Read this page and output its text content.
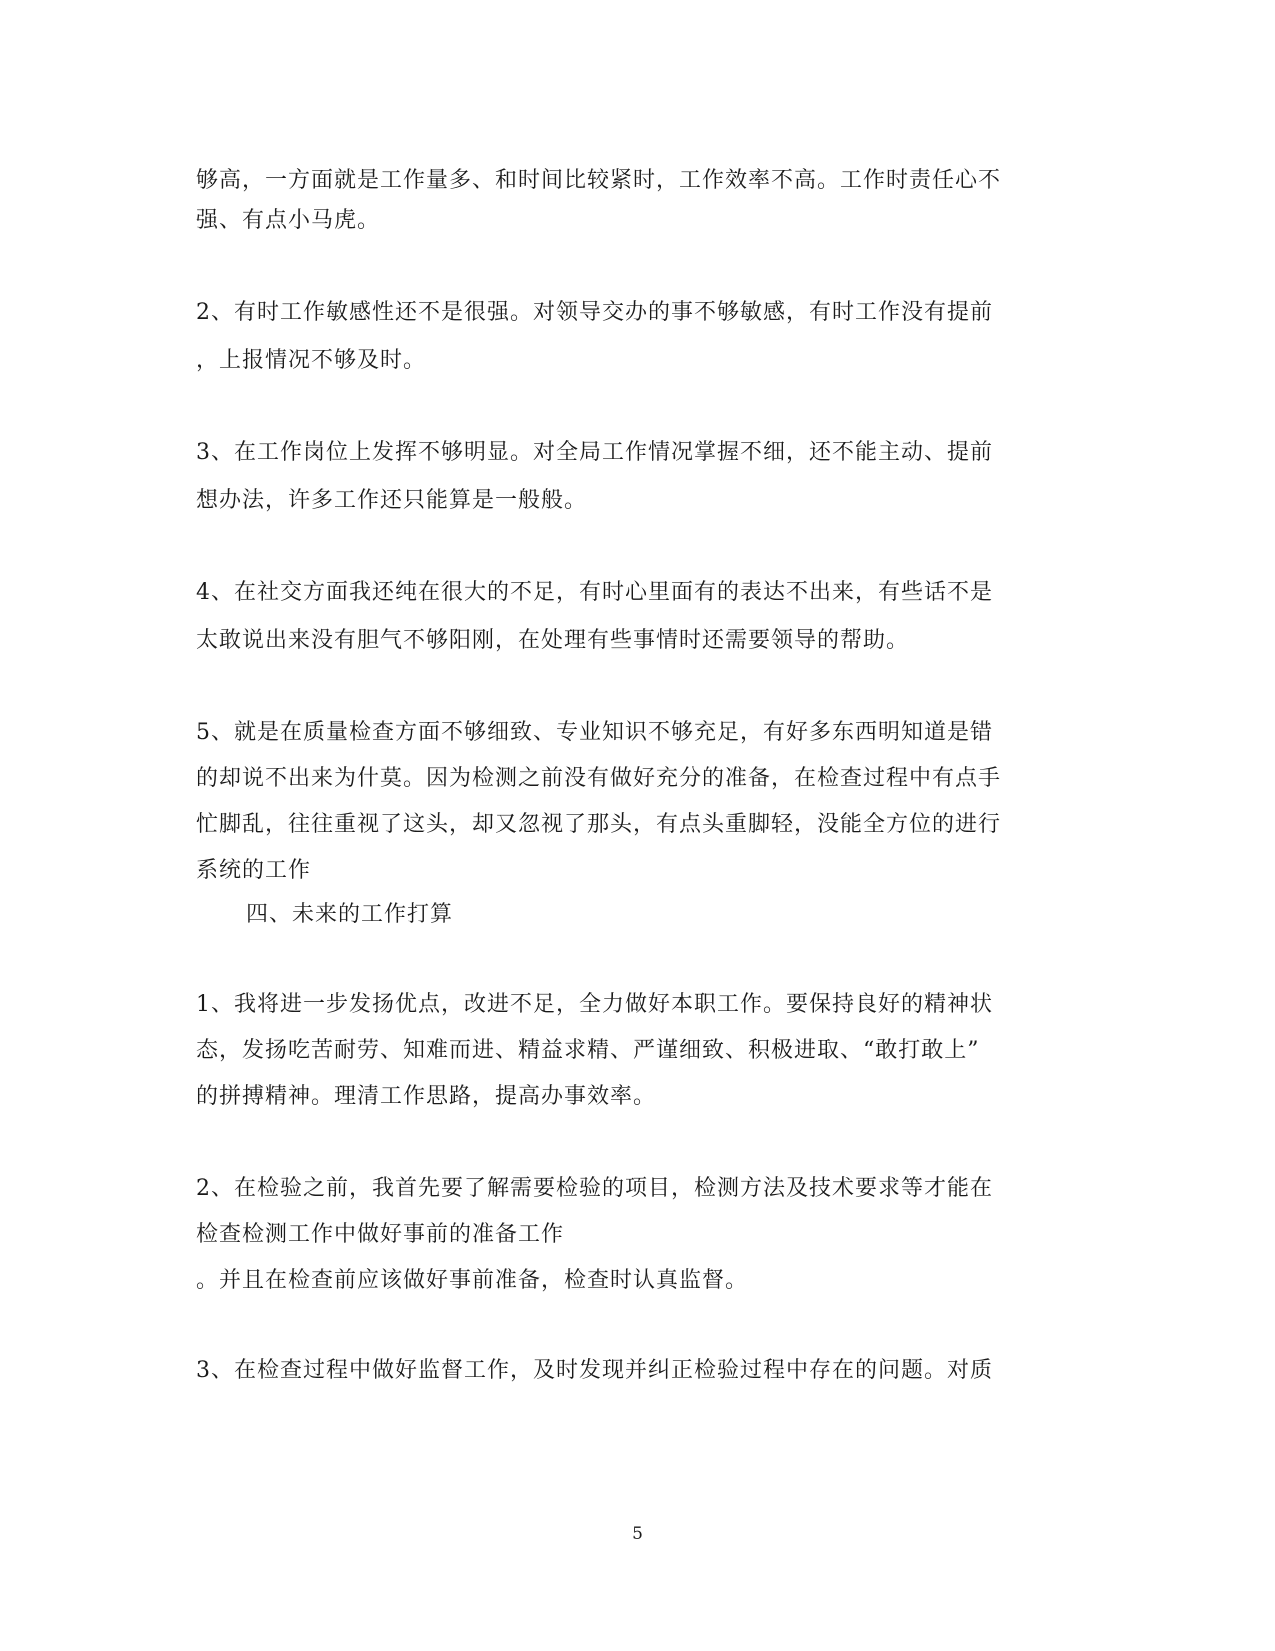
够高，一方面就是工作量多、和时间比较紧时，工作效率不高。工作时责任心不
强、有点小马虎。
2、有时工作敏感性还不是很强。对领导交办的事不够敏感，有时工作没有提前
，上报情况不够及时。
3、在工作岗位上发挥不够明显。对全局工作情况掌握不细，还不能主动、提前
想办法，许多工作还只能算是一般般。
4、在社交方面我还纯在很大的不足，有时心里面有的表达不出来，有些话不是
太敢说出来没有胆气不够阳刚，在处理有些事情时还需要领导的帮助。
5、就是在质量检查方面不够细致、专业知识不够充足，有好多东西明知道是错
的却说不出来为什莫。因为检测之前没有做好充分的准备，在检查过程中有点手
忙脚乱，往往重视了这头，却又忽视了那头，有点头重脚轻，没能全方位的进行
系统的工作
四、未来的工作打算
1、我将进一步发扬优点，改进不足，全力做好本职工作。要保持良好的精神状
态，发扬吃苦耐劳、知难而进、精益求精、严谨细致、积极进取、“敢打敢上”
的拼搏精神。理清工作思路，提高办事效率。
2、在检验之前，我首先要了解需要检验的项目，检测方法及技术要求等才能在
检查检测工作中做好事前的准备工作
。并且在检查前应该做好事前准备，检查时认真监督。
3、在检查过程中做好监督工作，及时发现并纠正检验过程中存在的问题。对质
5
